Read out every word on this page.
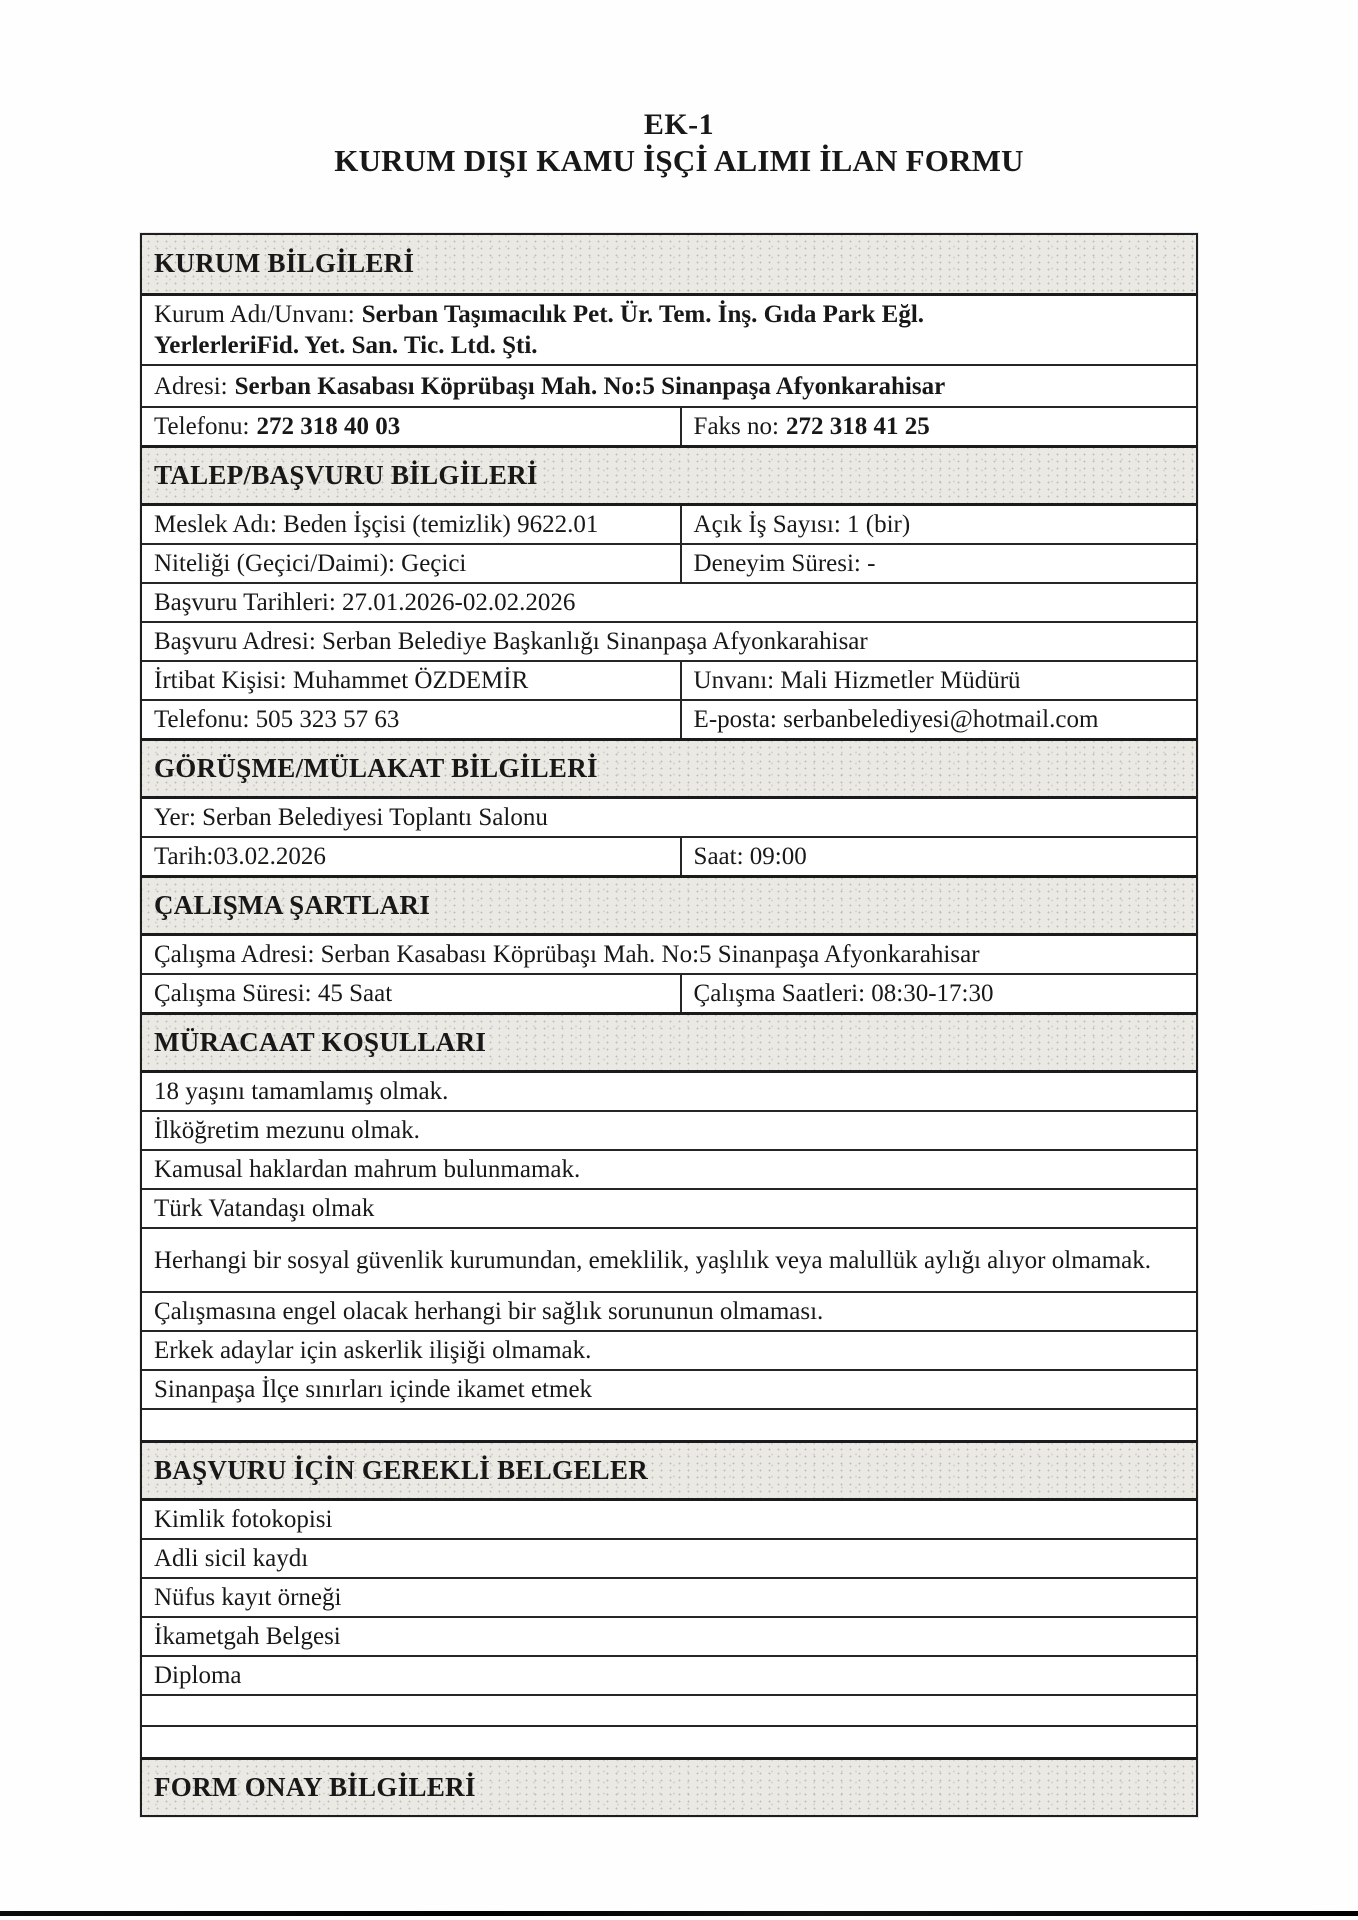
EK-1
KURUM DIŞI KAMU İŞÇİ ALIMI İLAN FORMU
KURUM BİLGİLERİ
Kurum Adı/Unvanı: Serban Taşımacılık Pet. Ür. Tem. İnş. Gıda Park Eğl. YerlerleriFid. Yet. San. Tic. Ltd. Şti.
Adresi: Serban Kasabası Köprübaşı Mah. No:5 Sinanpaşa Afyonkarahisar
Telefonu: 272 318 40 03	Faks no: 272 318 41 25
TALEP/BAŞVURU BİLGİLERİ
Meslek Adı: Beden İşçisi (temizlik) 9622.01	Açık İş Sayısı: 1 (bir)
Niteliği (Geçici/Daimi): Geçici	Deneyim Süresi: -
Başvuru Tarihleri: 27.01.2026-02.02.2026
Başvuru Adresi: Serban Belediye Başkanlığı Sinanpaşa Afyonkarahisar
İrtibat Kişisi: Muhammet ÖZDEMİR	Unvanı: Mali Hizmetler Müdürü
Telefonu: 505 323 57 63	E-posta: serbanbelediyesi@hotmail.com
GÖRÜŞME/MÜLAKAT BİLGİLERİ
Yer: Serban Belediyesi Toplantı Salonu
Tarih:03.02.2026	Saat: 09:00
ÇALIŞMA ŞARTLARI
Çalışma Adresi: Serban Kasabası Köprübaşı Mah. No:5 Sinanpaşa Afyonkarahisar
Çalışma Süresi: 45 Saat	Çalışma Saatleri: 08:30-17:30
MÜRACAAT KOŞULLARI
18 yaşını tamamlamış olmak.
İlköğretim mezunu olmak.
Kamusal haklardan mahrum bulunmamak.
Türk Vatandaşı olmak
Herhangi bir sosyal güvenlik kurumundan, emeklilik, yaşlılık veya malullük aylığı alıyor olmamak.
Çalışmasına engel olacak herhangi bir sağlık sorununun olmaması.
Erkek adaylar için askerlik ilişiği olmamak.
Sinanpaşa İlçe sınırları içinde ikamet etmek
BAŞVURU İÇİN GEREKLİ BELGELER
Kimlik fotokopisi
Adli sicil kaydı
Nüfus kayıt örneği
İkametgah Belgesi
Diploma
FORM ONAY BİLGİLERİ
